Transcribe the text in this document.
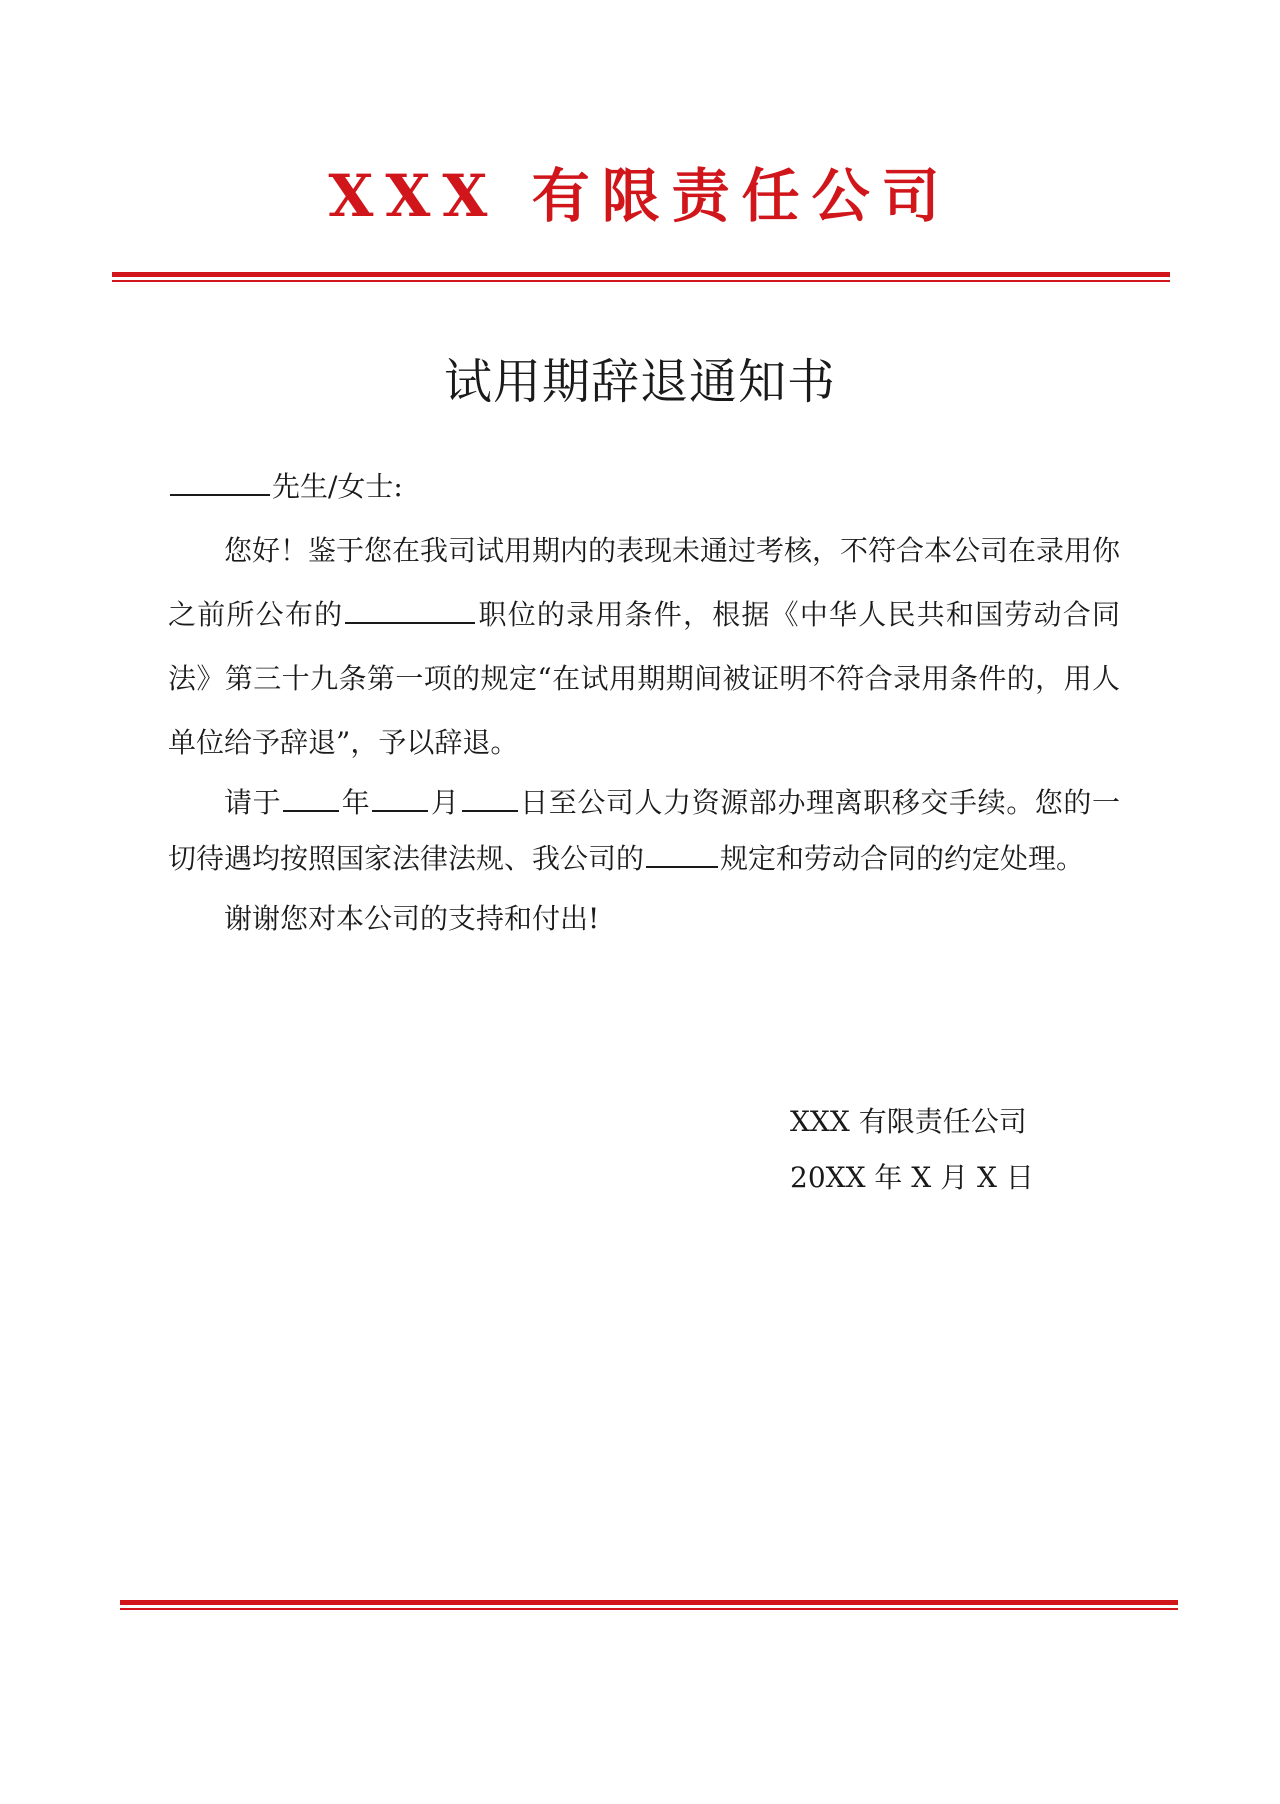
XXX 有限责任公司
试用期辞退通知书

先生/女士:

您好！鉴于您在我司试用期内的表现未通过考核，不符合本公司在录用你之前所公布的	职位的录用条件，根据《中华人民共和国劳动合同法》第三十九条第一项的规定“在试用期期间被证明不符合录用条件的，用人单位给予辞退”，予以辞退。

请于 年 月 日至公司人力资源部办理离职移交手续。您的一切待遇均按照国家法律法规、我公司的	规定和劳动合同的约定处理。

谢谢您对本公司的支持和付出!

XXX 有限责任公司
20XX 年 X 月 X 日
